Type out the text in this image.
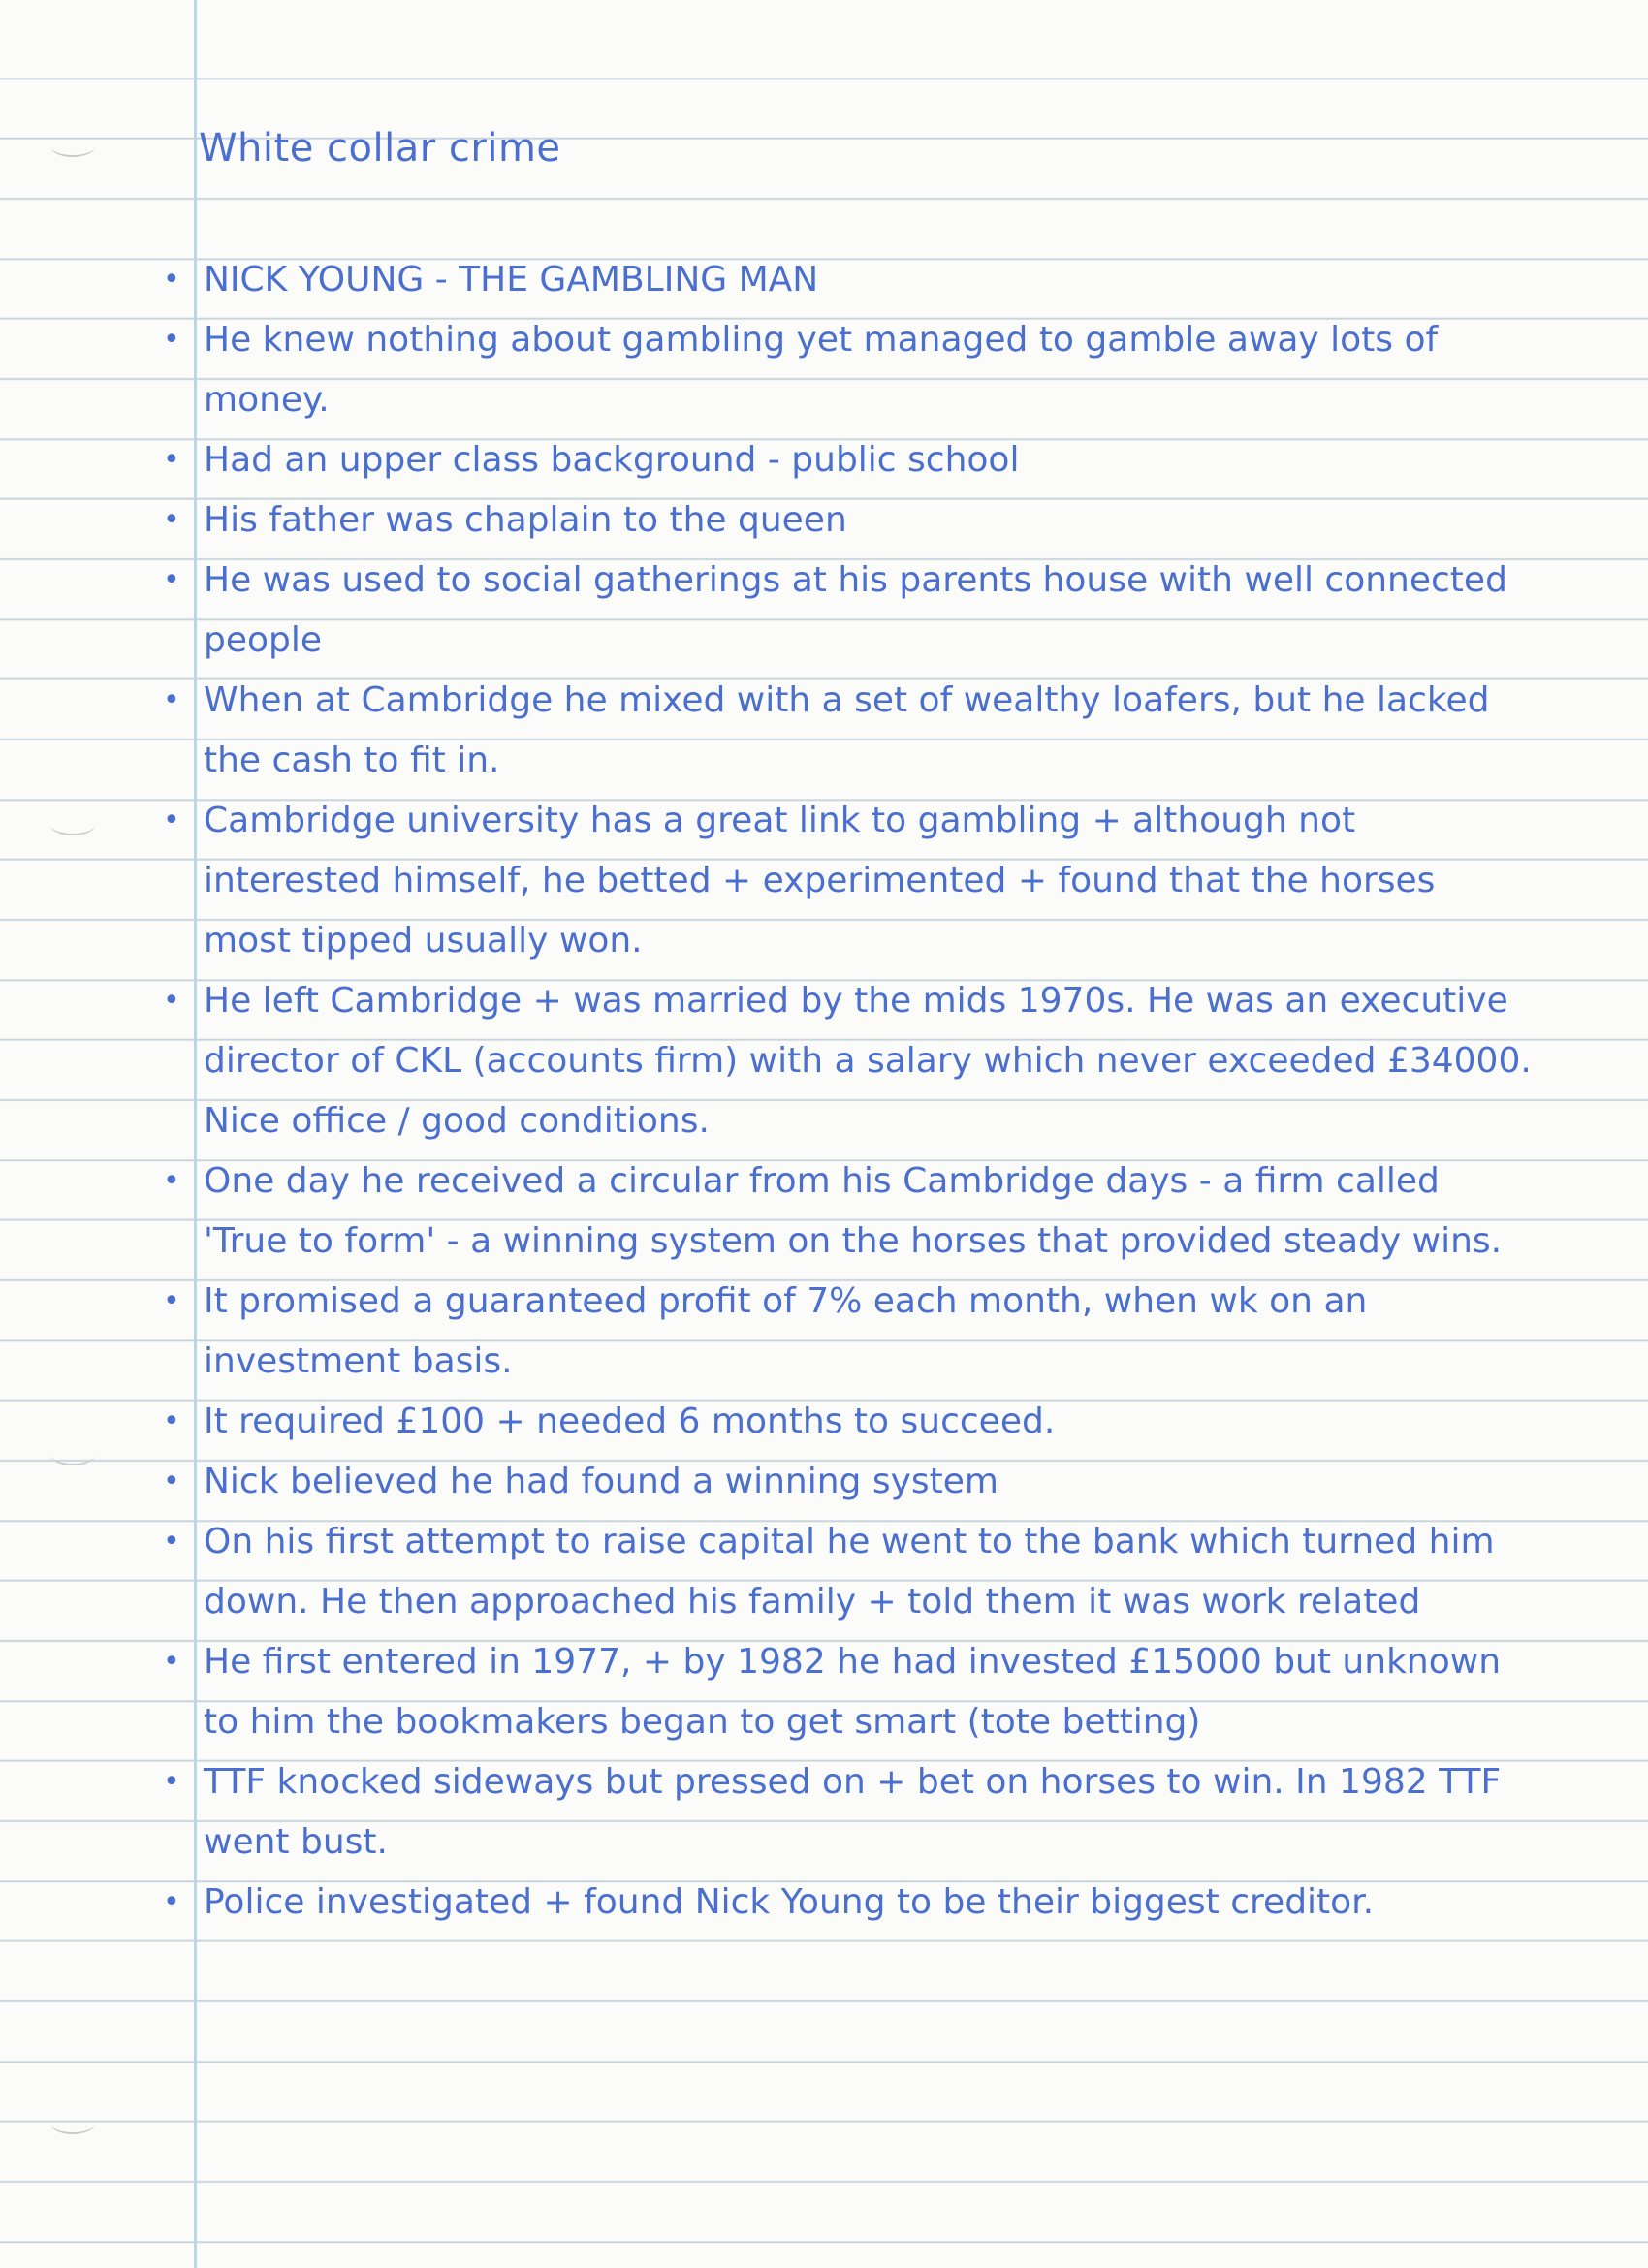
White collar crime
• NICK YOUNG - THE GAMBLING MAN
• He knew nothing about gambling yet managed to gamble away lots of money.
• Had an upper class background - public school
• His father was chaplain to the queen
• He was used to social gatherings at his parents house with well connected people
• When at Cambridge he mixed with a set of wealthy loafers, but he lacked the cash to fit in.
• Cambridge university has a great link to gambling + although not interested himself, he betted + experimented + found that the horses most tipped usually won.
• He left Cambridge + was married by the mids 1970s. He was an executive director of CKL (accounts firm) with a salary which never exceeded £34000. Nice office / good conditions.
• One day he received a circular from his Cambridge days - a firm called 'True to form' - a winning system on the horses that provided steady wins.
• It promised a guaranteed profit of 7% each month, when wk on an investment basis.
• It required £100 + needed 6 months to succeed.
• Nick believed he had found a winning system
• On his first attempt to raise capital he went to the bank which turned him down. He then approached his family + told them it was work related
• He first entered in 1977, + by 1982 he had invested £15000 but unknown to him the bookmakers began to get smart (tote betting)
• TTF knocked sideways but pressed on + bet on horses to win. In 1982 TTF went bust.
• Police investigated + found Nick Young to be their biggest creditor.
